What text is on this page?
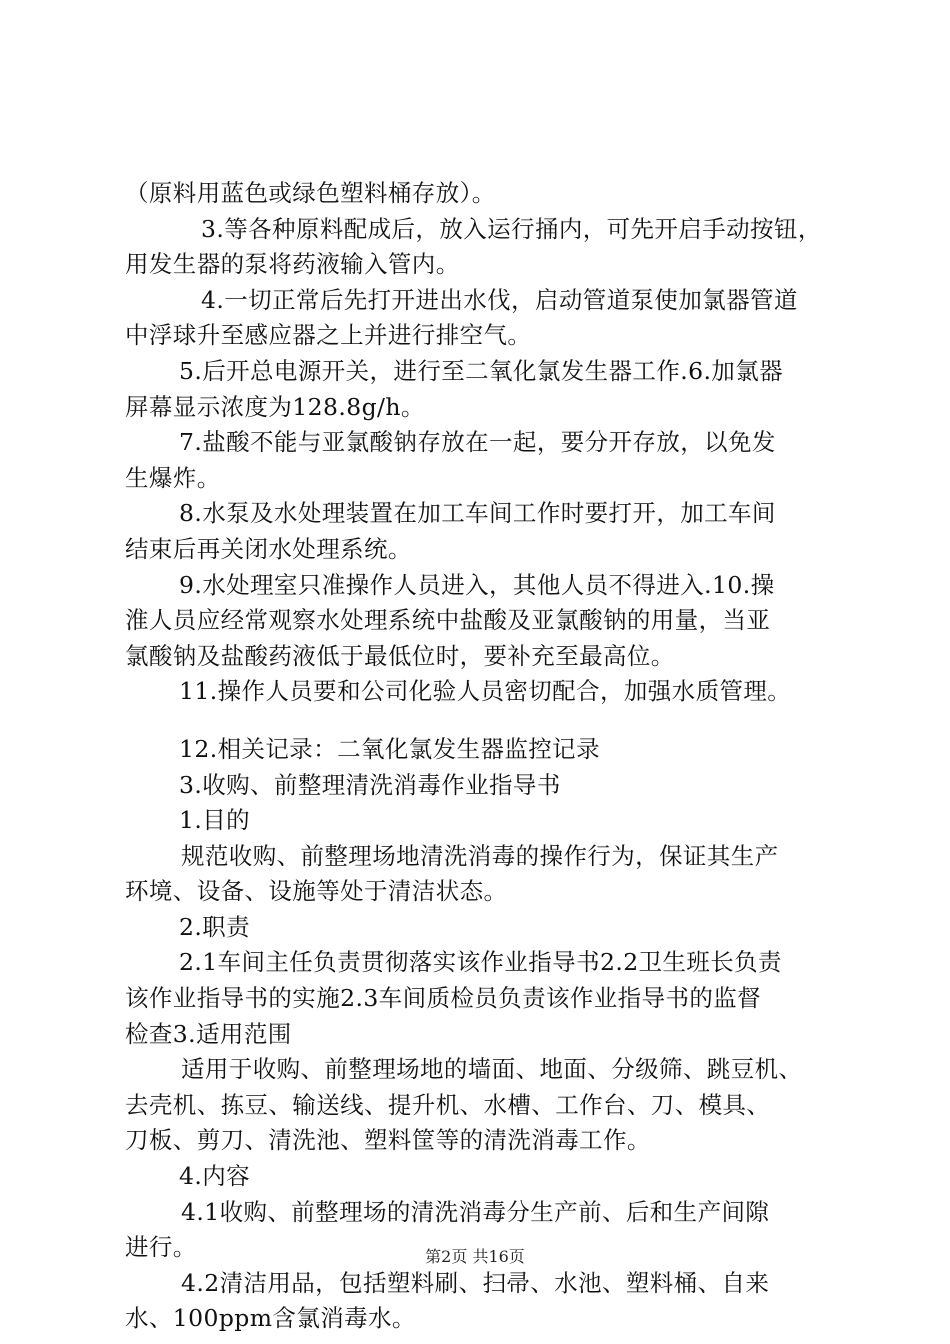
（原料用蓝色或绿色塑料桶存放）。
3.等各种原料配成后，放入运行捅内，可先开启手动按钮，
用发生器的泵将药液输入管内。
4.一切正常后先打开进出水伐，启动管道泵使加氯器管道
中浮球升至感应器之上并进行排空气。
5.后开总电源开关，进行至二氧化氯发生器工作.6.加氯器
屏幕显示浓度为128.8g/h。
7.盐酸不能与亚氯酸钠存放在一起，要分开存放，以免发
生爆炸。
8.水泵及水处理装置在加工车间工作时要打开，加工车间
结束后再关闭水处理系统。
9.水处理室只准操作人员进入，其他人员不得进入.10.操
淮人员应经常观察水处理系统中盐酸及亚氯酸钠的用量，当亚
氯酸钠及盐酸药液低于最低位时，要补充至最高位。
11.操作人员要和公司化验人员密切配合，加强水质管理。
12.相关记录：二氧化氯发生器监控记录
3.收购、前整理清洗消毒作业指导书
1.目的
规范收购、前整理场地清洗消毒的操作行为，保证其生产
环境、设备、设施等处于清洁状态。
2.职责
2.1车间主任负责贯彻落实该作业指导书2.2卫生班长负责
该作业指导书的实施2.3车间质检员负责该作业指导书的监督
检查3.适用范围
适用于收购、前整理场地的墙面、地面、分级筛、跳豆机、
去壳机、拣豆、输送线、提升机、水槽、工作台、刀、模具、
刀板、剪刀、清洗池、塑料筐等的清洗消毒工作。
4.内容
4.1收购、前整理场的清洗消毒分生产前、后和生产间隙
进行。
4.2清洁用品，包括塑料刷、扫帚、水池、塑料桶、自来
水、100ppm含氯消毒水。
第2页 共16页
